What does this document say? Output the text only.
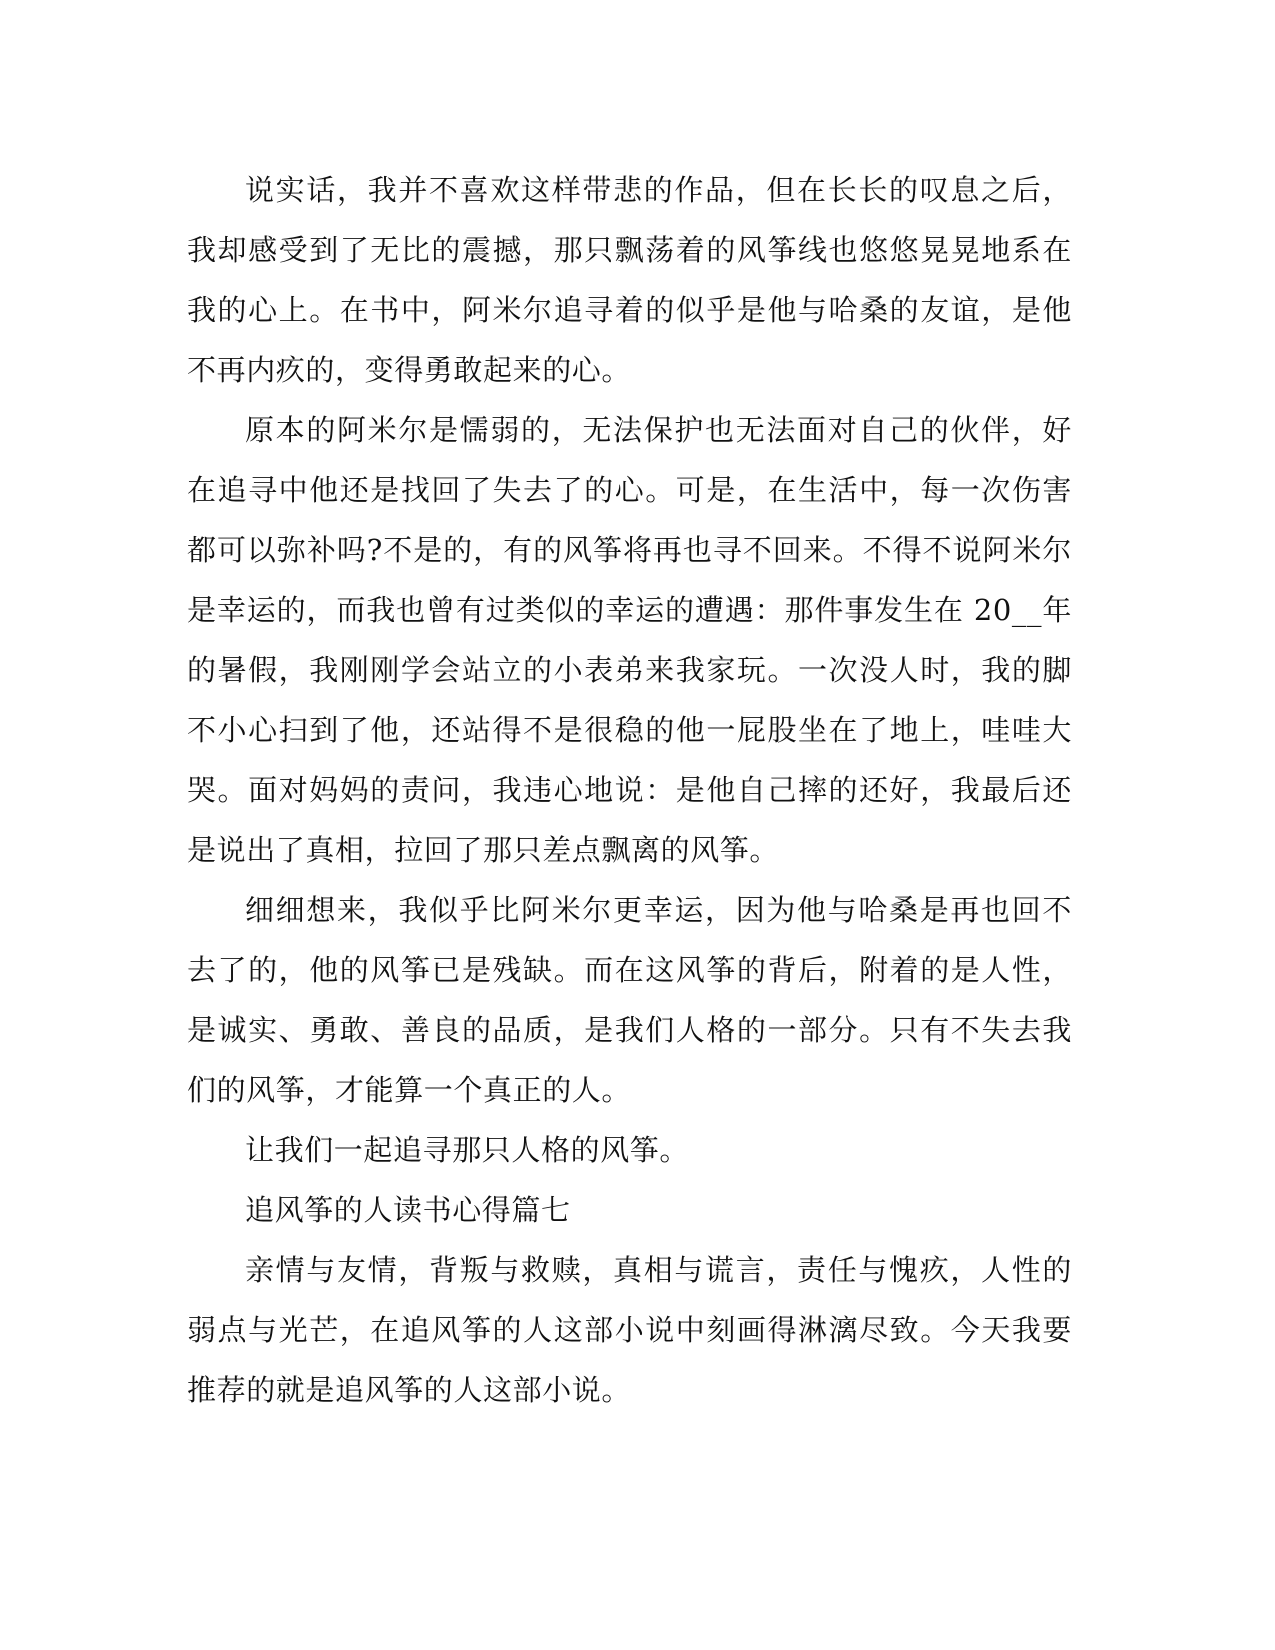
说实话，我并不喜欢这样带悲的作品，但在长长的叹息之后，我却感受到了无比的震撼，那只飘荡着的风筝线也悠悠晃晃地系在我的心上。在书中，阿米尔追寻着的似乎是他与哈桑的友谊，是他不再内疚的，变得勇敢起来的心。

原本的阿米尔是懦弱的，无法保护也无法面对自己的伙伴，好在追寻中他还是找回了失去了的心。可是，在生活中，每一次伤害都可以弥补吗?不是的，有的风筝将再也寻不回来。不得不说阿米尔是幸运的，而我也曾有过类似的幸运的遭遇：那件事发生在 20__年的暑假，我刚刚学会站立的小表弟来我家玩。一次没人时，我的脚不小心扫到了他，还站得不是很稳的他一屁股坐在了地上，哇哇大哭。面对妈妈的责问，我违心地说：是他自己摔的还好，我最后还是说出了真相，拉回了那只差点飘离的风筝。

细细想来，我似乎比阿米尔更幸运，因为他与哈桑是再也回不去了的，他的风筝已是残缺。而在这风筝的背后，附着的是人性，是诚实、勇敢、善良的品质，是我们人格的一部分。只有不失去我们的风筝，才能算一个真正的人。

让我们一起追寻那只人格的风筝。

追风筝的人读书心得篇七

亲情与友情，背叛与救赎，真相与谎言，责任与愧疚，人性的弱点与光芒，在追风筝的人这部小说中刻画得淋漓尽致。今天我要推荐的就是追风筝的人这部小说。
